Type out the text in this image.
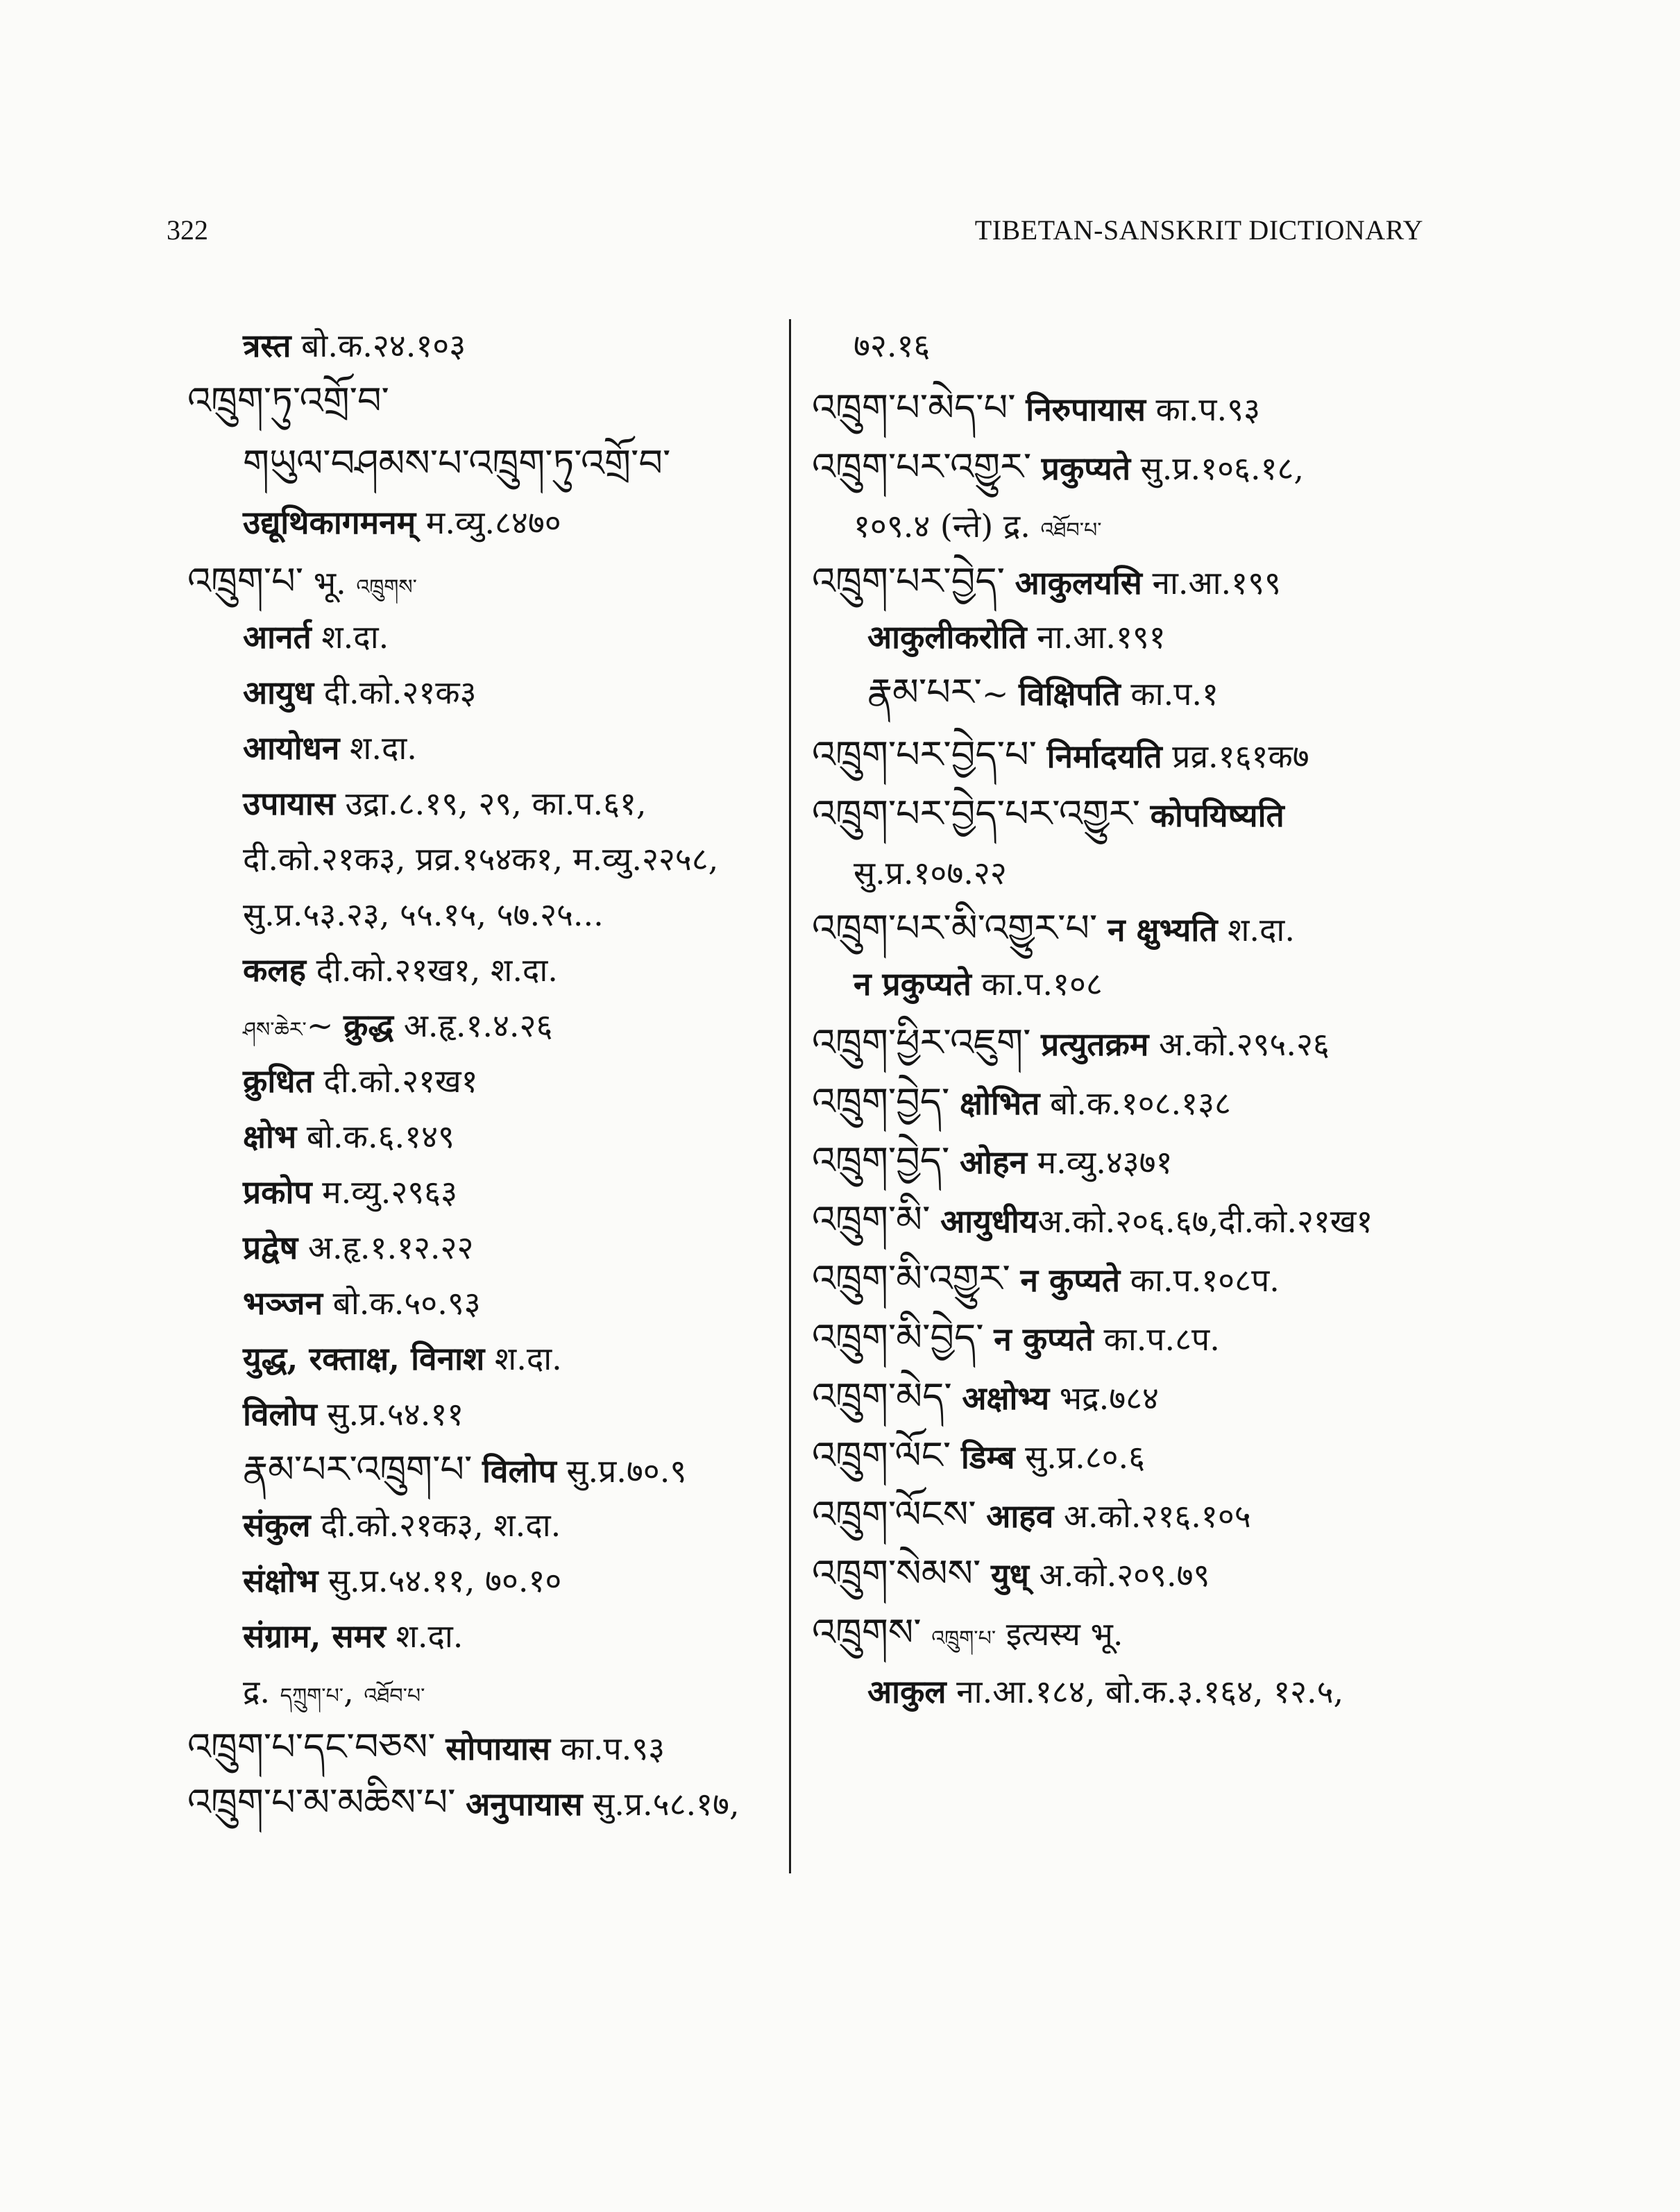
322	TIBETAN-SANSKRIT DICTIONARY
त्रस्त बो.क.२४.१०३
འཁྲུག་ཏུ་འགྲོ་བ་
གཡུལ་བཤམས་པ་འཁྲུག་ཏུ་འགྲོ་བ་
उद्यूथिकागमनम् म.व्यु.८४७०
འཁྲུག་པ་ भू. འཁྲུགས་
आनर्त श.दा.
आयुध दी.को.२१क३
आयोधन श.दा.
उपायास उद्रा.८.१९, २९, का.प.६१,
दी.को.२१क३, प्रव्र.१५४क१, म.व्यु.२२५८,
सु.प्र.५३.२३, ५५.१५, ५७.२५...
कलह दी.को.२१ख१, श.दा.
ཤས་ཆེར་~ क्रुद्ध अ.हृ.१.४.२६
क्रुधित दी.को.२१ख१
क्षोभ बो.क.६.१४९
प्रकोप म.व्यु.२९६३
प्रद्वेष अ.हृ.१.१२.२२
भञ्जन बो.क.५०.९३
युद्ध, रक्ताक्ष, विनाश श.दा.
विलोप सु.प्र.५४.११
རྣམ་པར་འཁྲུག་པ་ विलोप सु.प्र.७०.९
संकुल दी.को.२१क३, श.दा.
संक्षोभ सु.प्र.५४.११, ७०.१०
संग्राम, समर श.दा.
द्र. དཀྲུག་པ་, འཐོབ་པ་
འཁྲུག་པ་དང་བཅས་ सोपायास का.प.९३
འཁྲུག་པ་མ་མཆིས་པ་ अनुपायास सु.प्र.५८.१७,
७२.१६
འཁྲུག་པ་མེད་པ་ निरुपायास का.प.९३
འཁྲུག་པར་འགྱུར་ प्रकुप्यते सु.प्र.१०६.१८,
१०९.४ (न्ते) द्र. འཐོབ་པ་
འཁྲུག་པར་བྱེད་ आकुलयसि ना.आ.१९९
आकुलीकरोति ना.आ.१९१
རྣམ་པར་~ विक्षिपति का.प.१
འཁྲུག་པར་བྱེད་པ་ निर्मादयति प्रव्र.१६१क७
འཁྲུག་པར་བྱེད་པར་འགྱུར་ कोपयिष्यति
सु.प्र.१०७.२२
འཁྲུག་པར་མི་འགྱུར་པ་ न क्षुभ्यति श.दा.
न प्रकुप्यते का.प.१०८
འཁྲུག་ཕྱིར་འཇུག་ प्रत्युतक्रम अ.को.२९५.२६
འཁྲུག་བྱེད་ क्षोभित बो.क.१०८.१३८
འཁྲུག་བྱེད་ ओहन म.व्यु.४३७१
འཁྲུག་མི་ आयुधीयअ.को.२०६.६७,दी.को.२१ख१
འཁྲུག་མི་འགྱུར་ न कुप्यते का.प.१०८प.
འཁྲུག་མི་བྱེད་ न कुप्यते का.प.८प.
འཁྲུག་མེད་ अक्षोभ्य भद्र.७८४
འཁྲུག་ལོང་ डिम्ब सु.प्र.८०.६
འཁྲུག་ལོངས་ आहव अ.को.२१६.१०५
འཁྲུག་སེམས་ युध् अ.को.२०९.७९
འཁྲུགས་ འཁྲུག་པ་ इत्यस्य भू.
आकुल ना.आ.१८४, बो.क.३.१६४, १२.५,
